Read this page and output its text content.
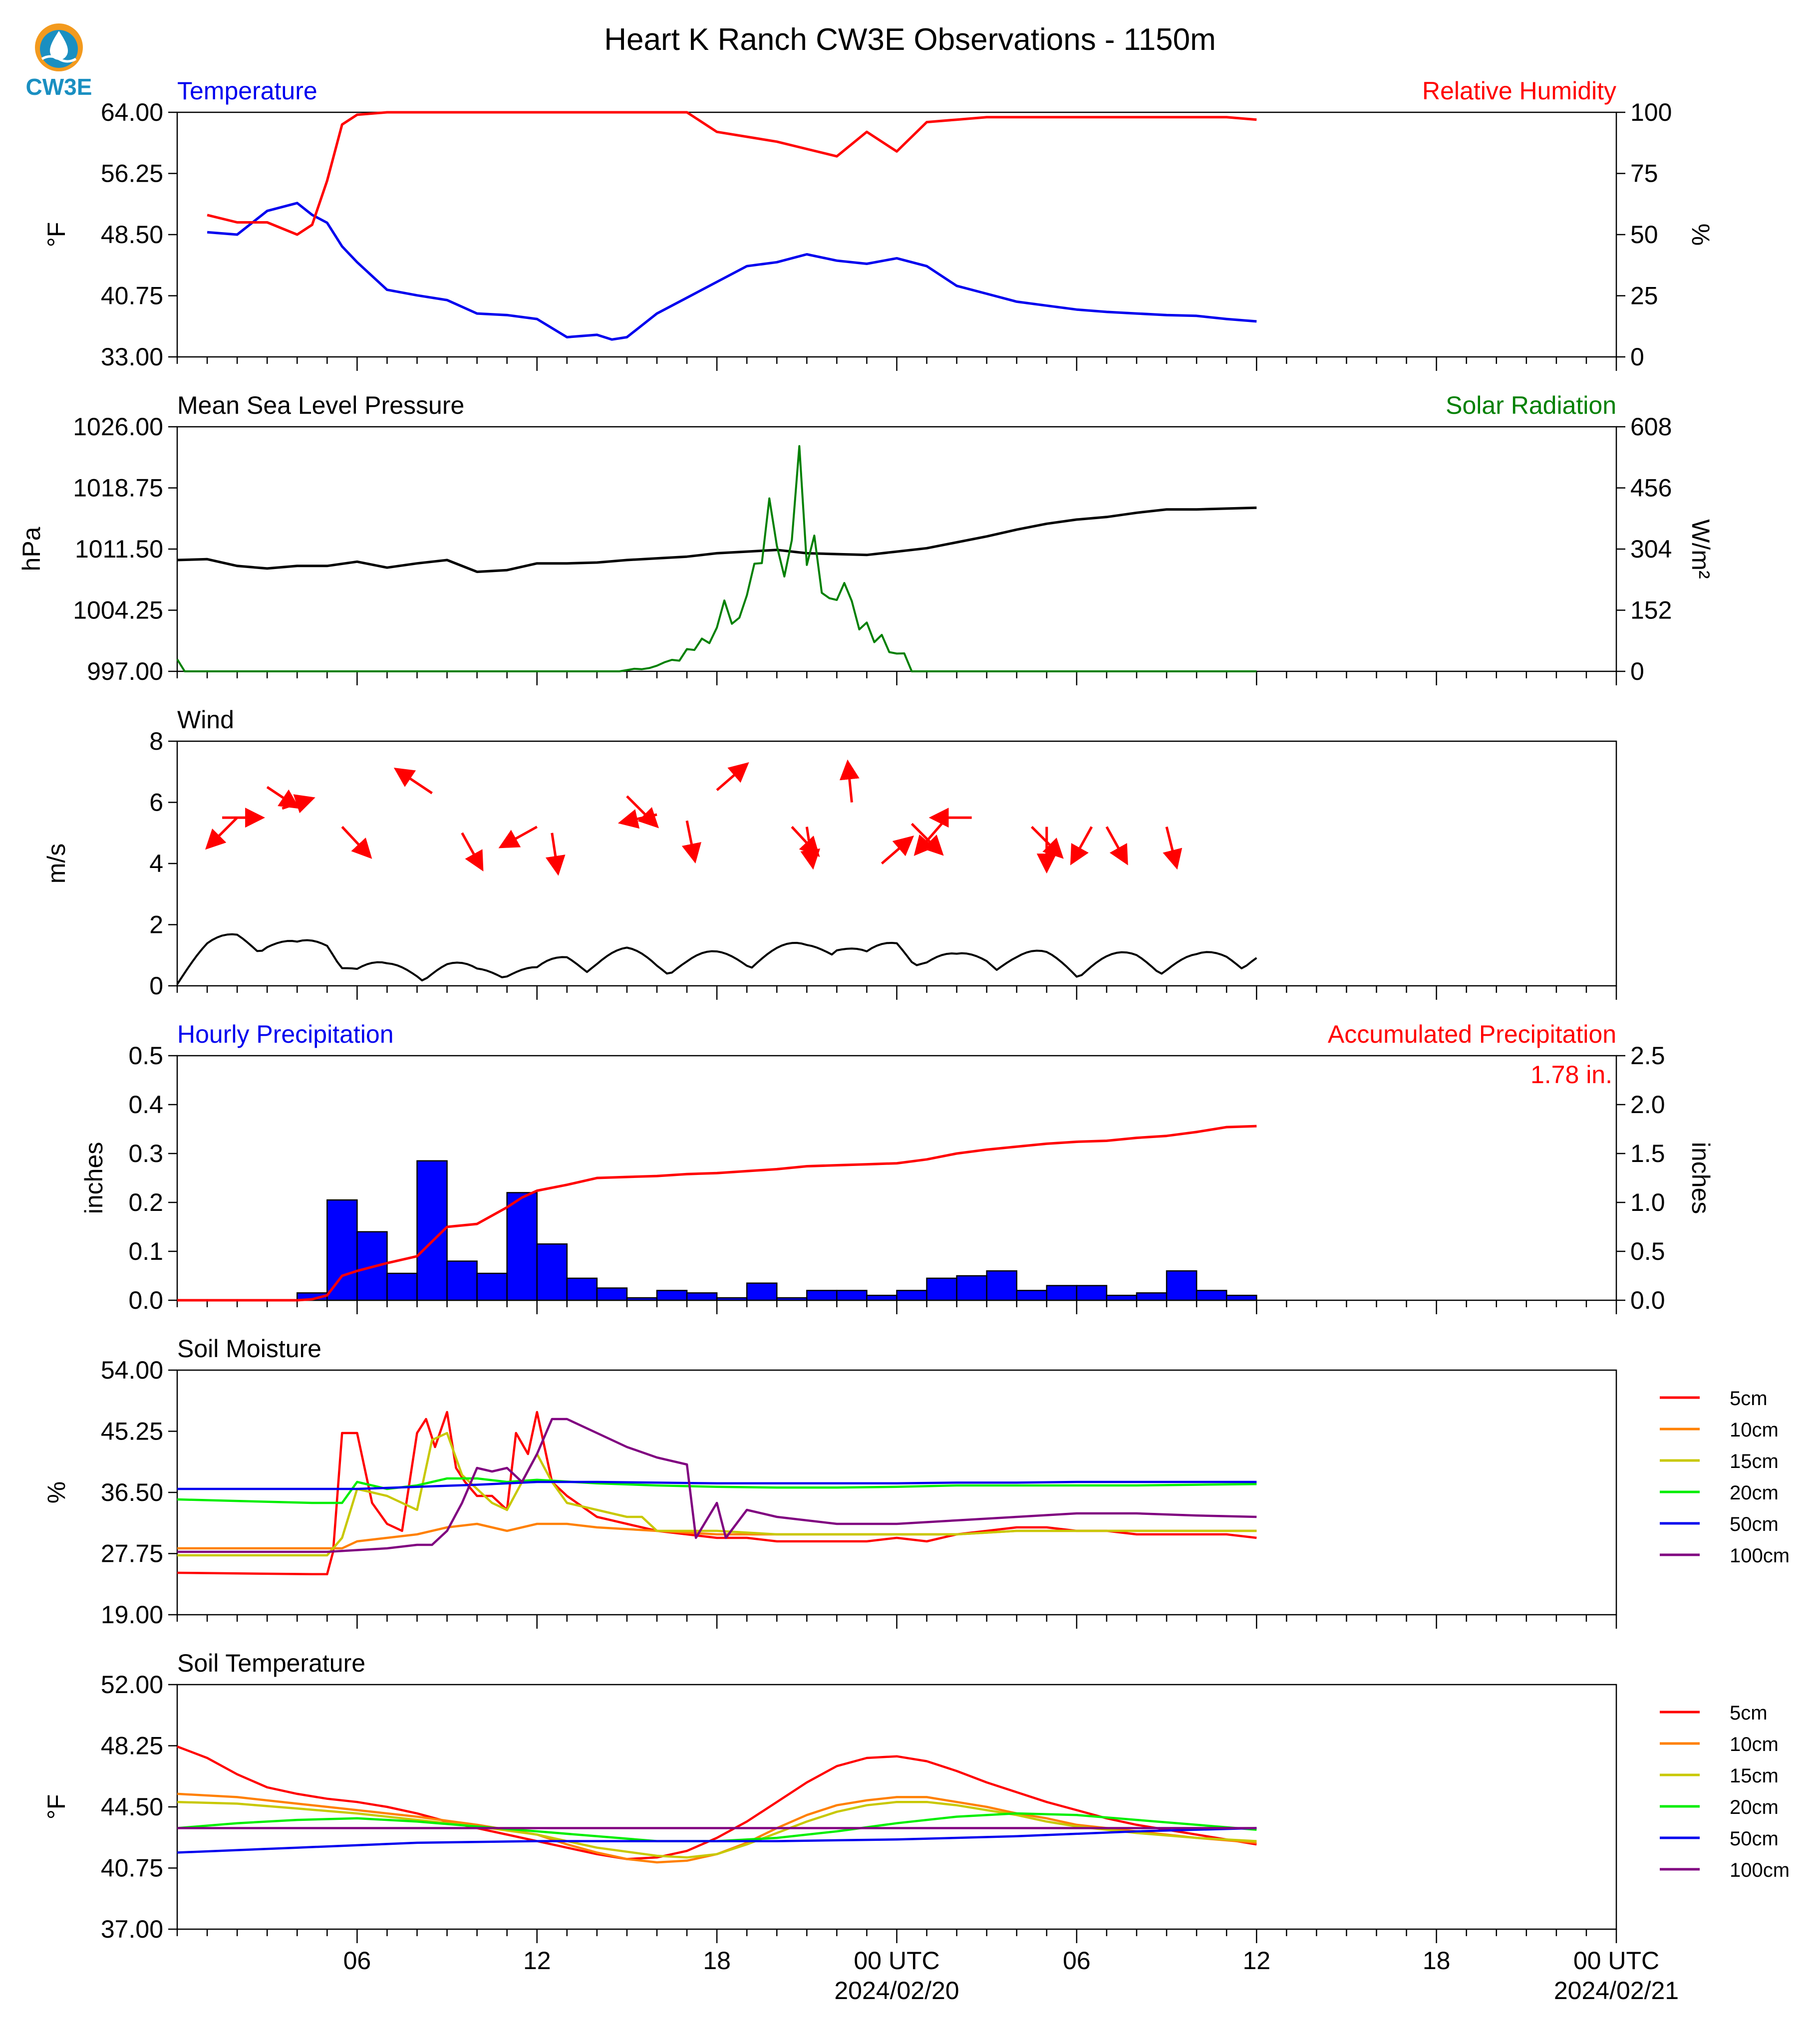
CW3E
Heart K Ranch CW3E Observations - 1150m
Temperature	Relative Humidity
33.00
40.75
48.50
56.25
64.00
0
25
50
75
100
°F	%
Mean Sea Level Pressure	Solar Radiation
997.00
1004.25
1011.50
1018.75
1026.00
0
152
304
456
608
hPa	W/m²
Wind
0
2
4
6
8
m/s
Hourly Precipitation	Accumulated Precipitation
0.0
0.1
0.2
0.3
0.4
0.5
0.0
0.5
1.0
1.5
2.0
2.5
inches	inches
1.78 in.
Soil Moisture
19.00
27.75
36.50
45.25
54.00
%
5cm
10cm
15cm
20cm
50cm
100cm
Soil Temperature
37.00
40.75
44.50
48.25
52.00
°F
5cm
10cm
15cm
20cm
50cm
100cm
06	12	18	00 UTC
2024/02/20
06	12	18	00 UTC
2024/02/21
